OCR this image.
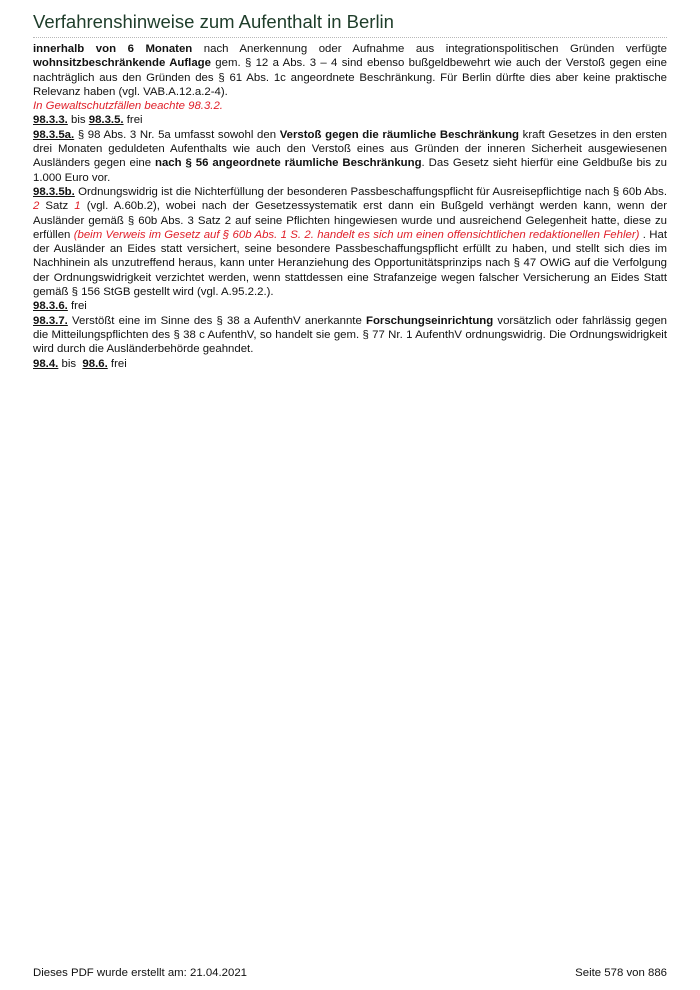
Verfahrenshinweise zum Aufenthalt in Berlin

innerhalb von 6 Monaten nach Anerkennung oder Aufnahme aus integrationspolitischen Gründen verfügte wohnsitzbeschränkende Auflage gem. § 12 a Abs. 3 – 4 sind ebenso bußgeldbewehrt wie auch der Verstoß gegen eine nachträglich aus den Gründen des § 61 Abs. 1c angeordnete Beschränkung. Für Berlin dürfte dies aber keine praktische Relevanz haben (vgl. VAB.A.12.a.2-4).

In Gewaltschutzfällen beachte 98.3.2.

98.3.3. bis 98.3.5. frei

98.3.5a. § 98 Abs. 3 Nr. 5a umfasst sowohl den Verstoß gegen die räumliche Beschränkung kraft Gesetzes in den ersten drei Monaten geduldeten Aufenthalts wie auch den Verstoß eines aus Gründen der inneren Sicherheit ausgewiesenen Ausländers gegen eine nach § 56 angeordnete räumliche Beschränkung. Das Gesetz sieht hierfür eine Geldbuße bis zu 1.000 Euro vor.

98.3.5b. Ordnungswidrig ist die Nichterfüllung der besonderen Passbeschaffungspflicht für Ausreisepflichtige nach § 60b Abs. 2 Satz 1 (vgl. A.60b.2), wobei nach der Gesetzessystematik erst dann ein Bußgeld verhängt werden kann, wenn der Ausländer gemäß § 60b Abs. 3 Satz 2 auf seine Pflichten hingewiesen wurde und ausreichend Gelegenheit hatte, diese zu erfüllen (beim Verweis im Gesetz auf § 60b Abs. 1 S. 2. handelt es sich um einen offensichtlichen redaktionellen Fehler) . Hat der Ausländer an Eides statt versichert, seine besondere Passbeschaffungspflicht erfüllt zu haben, und stellt sich dies im Nachhinein als unzutreffend heraus, kann unter Heranziehung des Opportunitätsprinzips nach § 47 OWiG auf die Verfolgung der Ordnungswidrigkeit verzichtet werden, wenn stattdessen eine Strafanzeige wegen falscher Versicherung an Eides Statt gemäß § 156 StGB gestellt wird (vgl. A.95.2.2.).

98.3.6. frei

98.3.7. Verstößt eine im Sinne des § 38 a AufenthV anerkannte Forschungseinrichtung vorsätzlich oder fahrlässig gegen die Mitteilungspflichten des § 38 c AufenthV, so handelt sie gem. § 77 Nr. 1 AufenthV ordnungswidrig. Die Ordnungswidrigkeit wird durch die Ausländerbehörde geahndet.

98.4. bis  98.6. frei

Dieses PDF wurde erstellt am: 21.04.2021	Seite 578 von 886
